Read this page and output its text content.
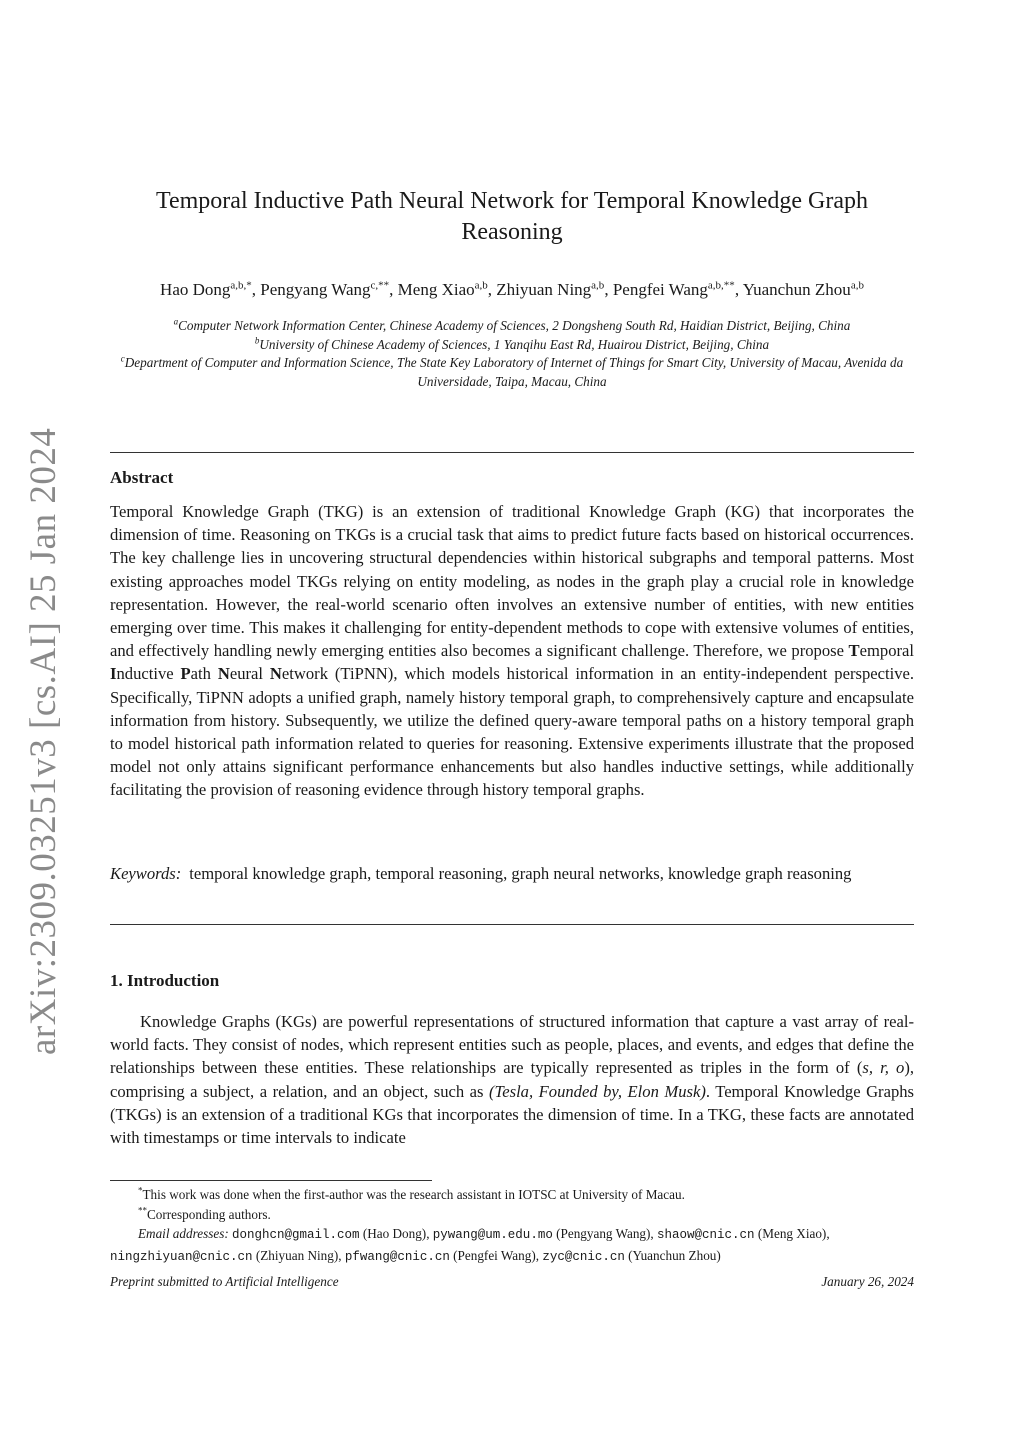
arXiv:2309.03251v3 [cs.AI] 25 Jan 2024
Temporal Inductive Path Neural Network for Temporal Knowledge Graph Reasoning
Hao Dong$^{a,b,*}$, Pengyang Wang$^{c,**}$, Meng Xiao$^{a,b}$, Zhiyuan Ning$^{a,b}$, Pengfei Wang$^{a,b,**}$, Yuanchun Zhou$^{a,b}$
$^a$Computer Network Information Center, Chinese Academy of Sciences, 2 Dongsheng South Rd, Haidian District, Beijing, China
$^b$University of Chinese Academy of Sciences, 1 Yanqihu East Rd, Huairou District, Beijing, China
$^c$Department of Computer and Information Science, The State Key Laboratory of Internet of Things for Smart City, University of Macau, Avenida da Universidade, Taipa, Macau, China
Abstract

Temporal Knowledge Graph (TKG) is an extension of traditional Knowledge Graph (KG) that incorporates the dimension of time. Reasoning on TKGs is a crucial task that aims to predict future facts based on historical occurrences. The key challenge lies in uncovering structural dependencies within historical subgraphs and temporal patterns. Most existing approaches model TKGs relying on entity modeling, as nodes in the graph play a crucial role in knowledge representation. However, the real-world scenario often involves an extensive number of entities, with new entities emerging over time. This makes it challenging for entity-dependent methods to cope with extensive volumes of entities, and effectively handling newly emerging entities also becomes a significant challenge. Therefore, we propose Temporal Inductive Path Neural Network (TiPNN), which models historical information in an entity-independent perspective. Specifically, TiPNN adopts a unified graph, namely history temporal graph, to comprehensively capture and encapsulate information from history. Subsequently, we utilize the defined query-aware temporal paths on a history temporal graph to model historical path information related to queries for reasoning. Extensive experiments illustrate that the proposed model not only attains significant performance enhancements but also handles inductive settings, while additionally facilitating the provision of reasoning evidence through history temporal graphs.

Keywords: temporal knowledge graph, temporal reasoning, graph neural networks, knowledge graph reasoning

1. Introduction

Knowledge Graphs (KGs) are powerful representations of structured information that capture a vast array of real-world facts. They consist of nodes, which represent entities such as people, places, and events, and edges that define the relationships between these entities. These relationships are typically represented as triples in the form of (s, r, o), comprising a subject, a relation, and an object, such as (Tesla, Founded by, Elon Musk). Temporal Knowledge Graphs (TKGs) is an extension of a traditional KGs that incorporates the dimension of time. In a TKG, these facts are annotated with timestamps or time intervals to indicate

*This work was done when the first-author was the research assistant in IOTSC at University of Macau.

**Corresponding authors.

Email addresses: donghcn@gmail.com (Hao Dong), pywang@um.edu.mo (Pengyang Wang), shaow@cnic.cn (Meng Xiao), ningzhiyuan@cnic.cn (Zhiyuan Ning), pfwang@cnic.cn (Pengfei Wang), zyc@cnic.cn (Yuanchun Zhou)

Preprint submitted to Artificial Intelligence	January 26, 2024
